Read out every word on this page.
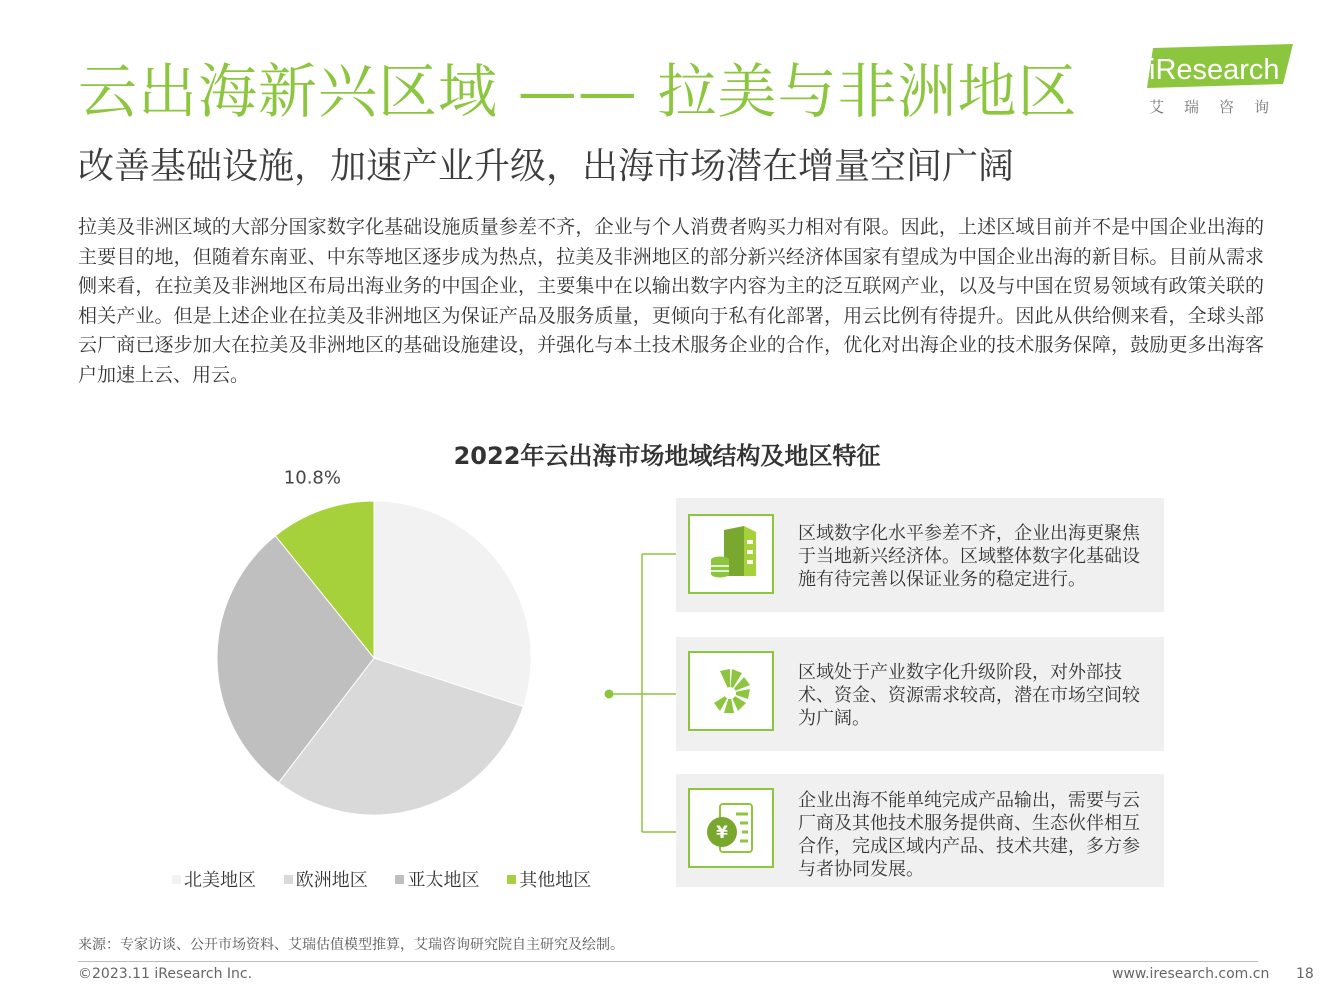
云出海新兴区域 —— 拉美与非洲地区
改善基础设施，加速产业升级，出海市场潜在增量空间广阔
iResearch
艾瑞咨询
拉美及非洲区域的大部分国家数字化基础设施质量参差不齐，企业与个人消费者购买力相对有限。因此，上述区域目前并不是中国企业出海的主要目的地，但随着东南亚、中东等地区逐步成为热点，拉美及非洲地区的部分新兴经济体国家有望成为中国企业出海的新目标。目前从需求侧来看，在拉美及非洲地区布局出海业务的中国企业，主要集中在以输出数字内容为主的泛互联网产业，以及与中国在贸易领域有政策关联的相关产业。但是上述企业在拉美及非洲地区为保证产品及服务质量，更倾向于私有化部署，用云比例有待提升。因此从供给侧来看，全球头部云厂商已逐步加大在拉美及非洲地区的基础设施建设，并强化与本土技术服务企业的合作，优化对出海企业的技术服务保障，鼓励更多出海客户加速上云、用云。
2022年云出海市场地域结构及地区特征
10.8%
北美地区 欧洲地区 亚太地区 其他地区
区域数字化水平参差不齐，企业出海更聚焦于当地新兴经济体。区域整体数字化基础设施有待完善以保证业务的稳定进行。
区域处于产业数字化升级阶段，对外部技术、资金、资源需求较高，潜在市场空间较为广阔。
¥
企业出海不能单纯完成产品输出，需要与云厂商及其他技术服务提供商、生态伙伴相互合作，完成区域内产品、技术共建，多方参与者协同发展。
来源：专家访谈、公开市场资料、艾瑞估值模型推算，艾瑞咨询研究院自主研究及绘制。
©2023.11 iResearch Inc.	www.iresearch.com.cn 18
